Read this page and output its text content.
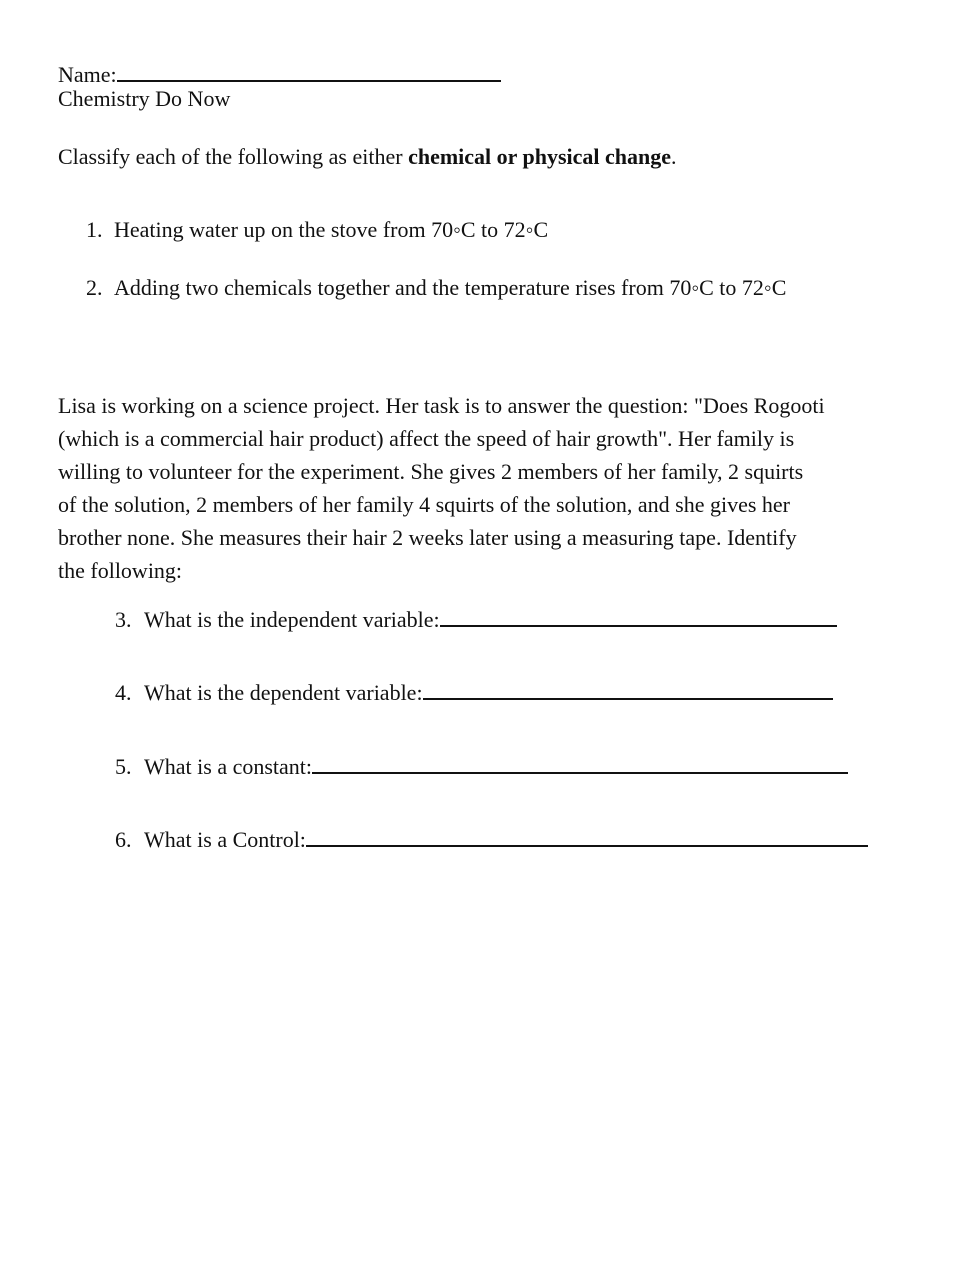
Name:
Chemistry Do Now
Classify each of the following as either chemical or physical change.
1. Heating water up on the stove from 70◦C to 72◦C
2. Adding two chemicals together and the temperature rises from 70◦C to 72◦C
Lisa is working on a science project. Her task is to answer the question: "Does Rogooti
(which is a commercial hair product) affect the speed of hair growth". Her family is
willing to volunteer for the experiment. She gives 2 members of her family, 2 squirts
of the solution, 2 members of her family 4 squirts of the solution, and she gives her
brother none. She measures their hair 2 weeks later using a measuring tape. Identify
the following:
3. What is the independent variable:
4. What is the dependent variable:
5. What is a constant:
6. What is a Control:
